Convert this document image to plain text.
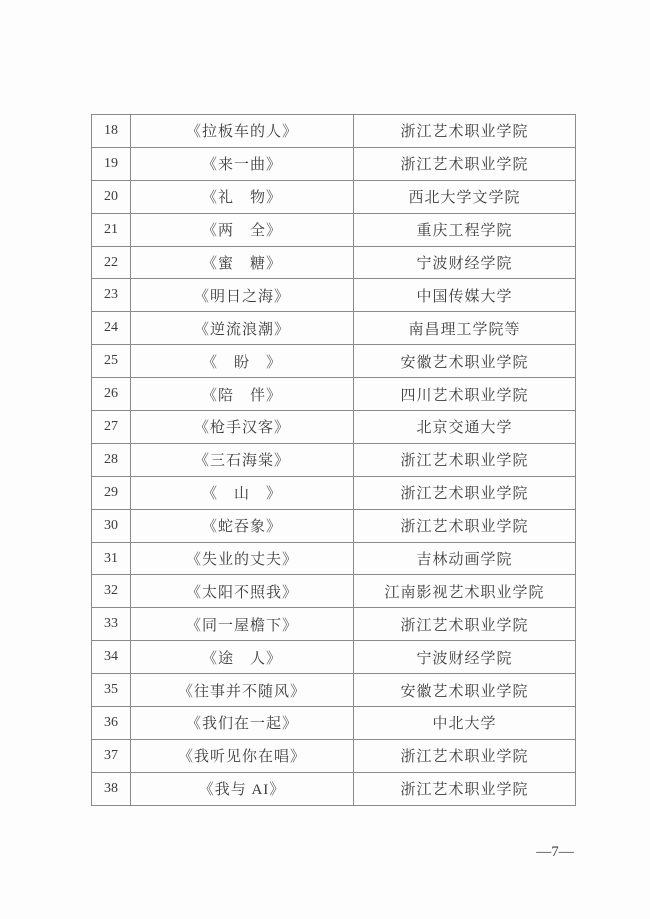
18	《拉板车的人》	浙江艺术职业学院
19	《来一曲》	浙江艺术职业学院
20	《礼　物》	西北大学文学院
21	《两　全》	重庆工程学院
22	《蜜　糖》	宁波财经学院
23	《明日之海》	中国传媒大学
24	《逆流浪潮》	南昌理工学院等
25	《　盼　》	安徽艺术职业学院
26	《陪　伴》	四川艺术职业学院
27	《枪手汉客》	北京交通大学
28	《三石海棠》	浙江艺术职业学院
29	《　山　》	浙江艺术职业学院
30	《蛇吞象》	浙江艺术职业学院
31	《失业的丈夫》	吉林动画学院
32	《太阳不照我》	江南影视艺术职业学院
33	《同一屋檐下》	浙江艺术职业学院
34	《途　人》	宁波财经学院
35	《往事并不随风》	安徽艺术职业学院
36	《我们在一起》	中北大学
37	《我听见你在唱》	浙江艺术职业学院
38	《我与 AI》	浙江艺术职业学院
—7—
